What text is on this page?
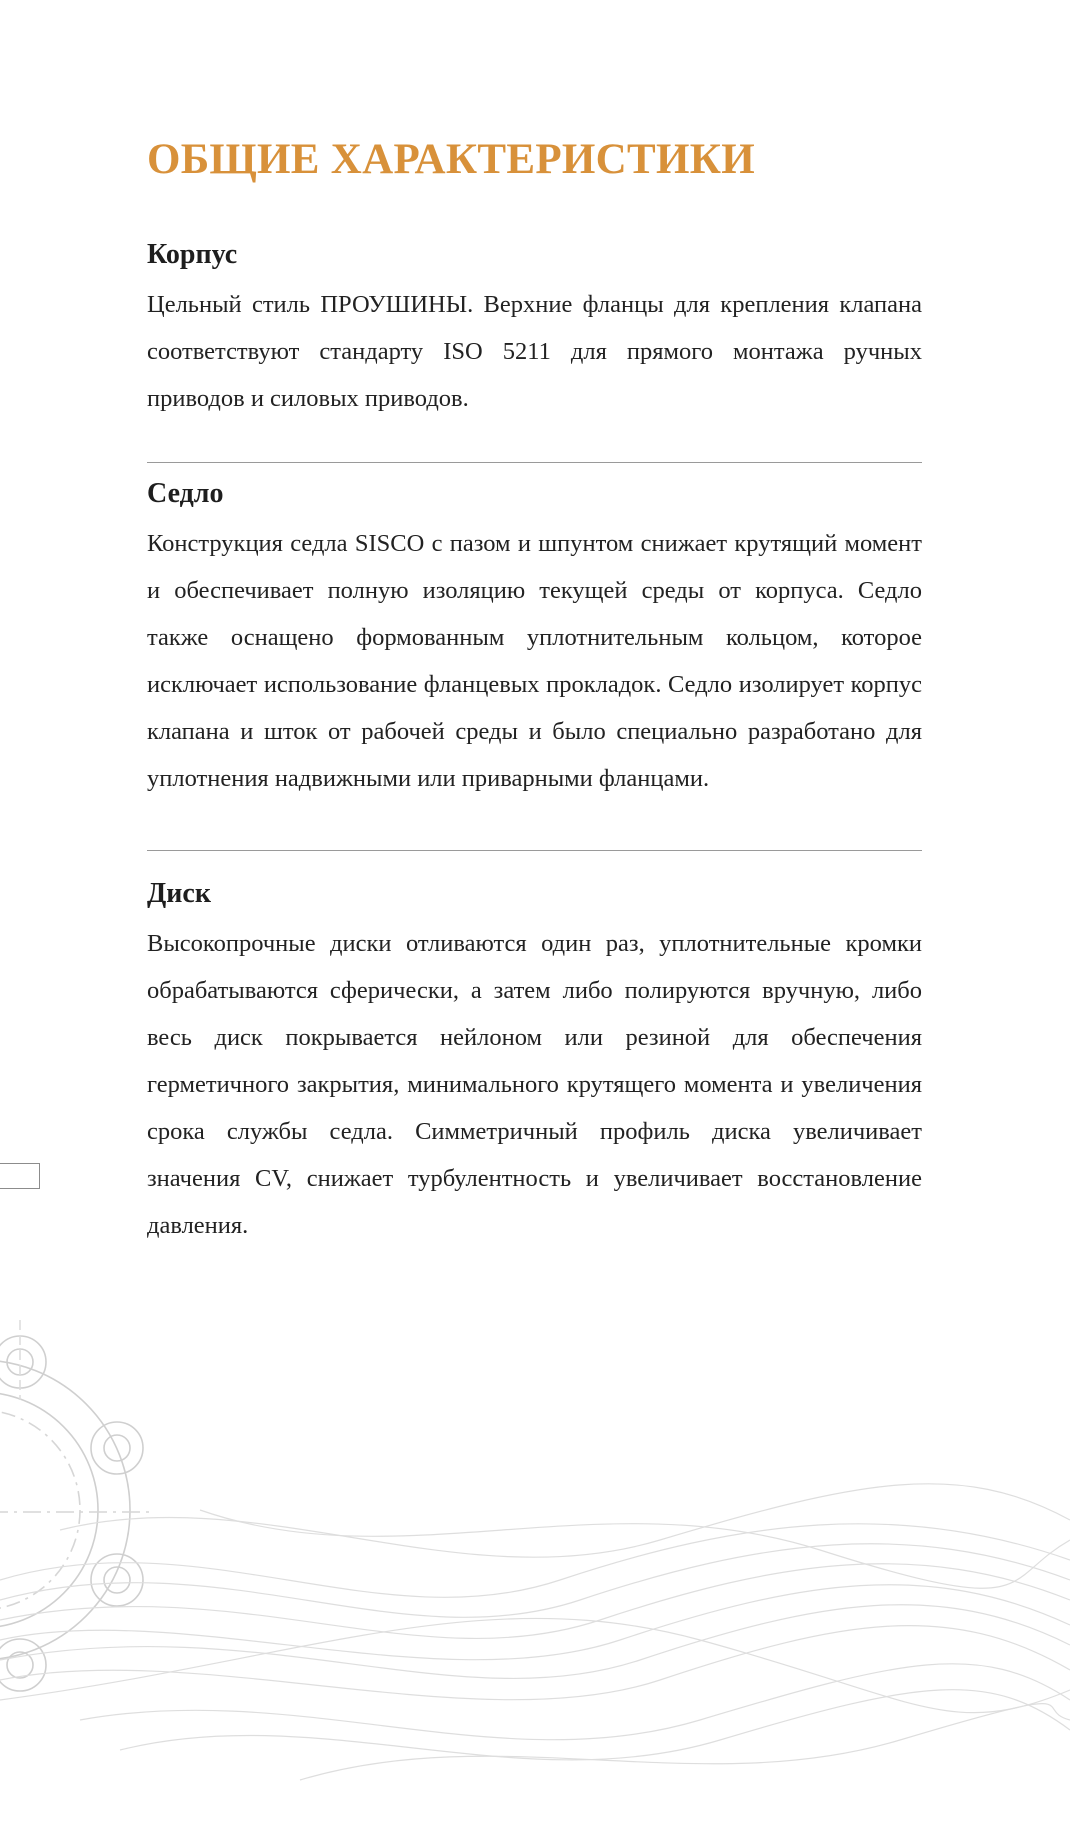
ОБЩИЕ ХАРАКТЕРИСТИКИ
Корпус

Цельный стиль ПРОУШИНЫ. Верхние фланцы для крепления клапана соответствуют стандарту ISO 5211 для прямого монтажа ручных приводов и силовых приводов.

Седло

Конструкция седла SISCO с пазом и шпунтом снижает крутящий момент и обеспечивает полную изоляцию текущей среды от корпуса. Седло также оснащено формованным уплотнительным кольцом, которое исключает использование фланцевых прокладок. Седло изолирует корпус клапана и шток от рабочей среды и было специально разработано для уплотнения надвижными или приварными фланцами.

Диск

Высокопрочные диски отливаются один раз, уплотнительные кромки обрабатываются сферически, а затем либо полируются вручную, либо весь диск покрывается нейлоном или резиной для обеспечения герметичного закрытия, минимального крутящего момента и увеличения срока службы седла. Симметричный профиль диска увеличивает значения CV, снижает турбулентность и увеличивает восстановление давления.
